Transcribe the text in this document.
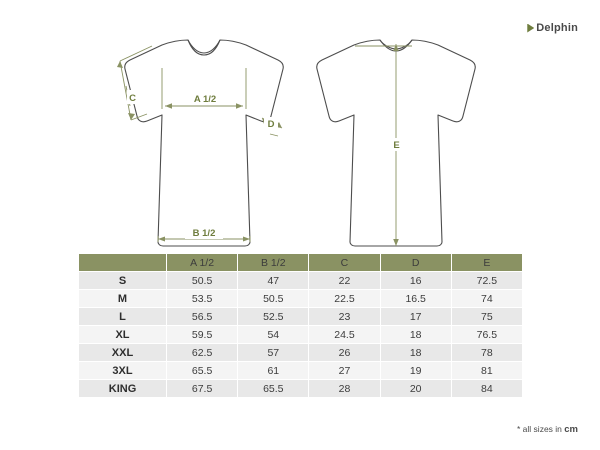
Delphin
C	A 1/2
D
B 1/2
E
	A 1/2	B 1/2	C	D	E
S	50.5	47	22	16	72.5
M	53.5	50.5	22.5	16.5	74
L	56.5	52.5	23	17	75
XL	59.5	54	24.5	18	76.5
XXL	62.5	57	26	18	78
3XL	65.5	61	27	19	81
KING	67.5	65.5	28	20	84
* all sizes in cm
